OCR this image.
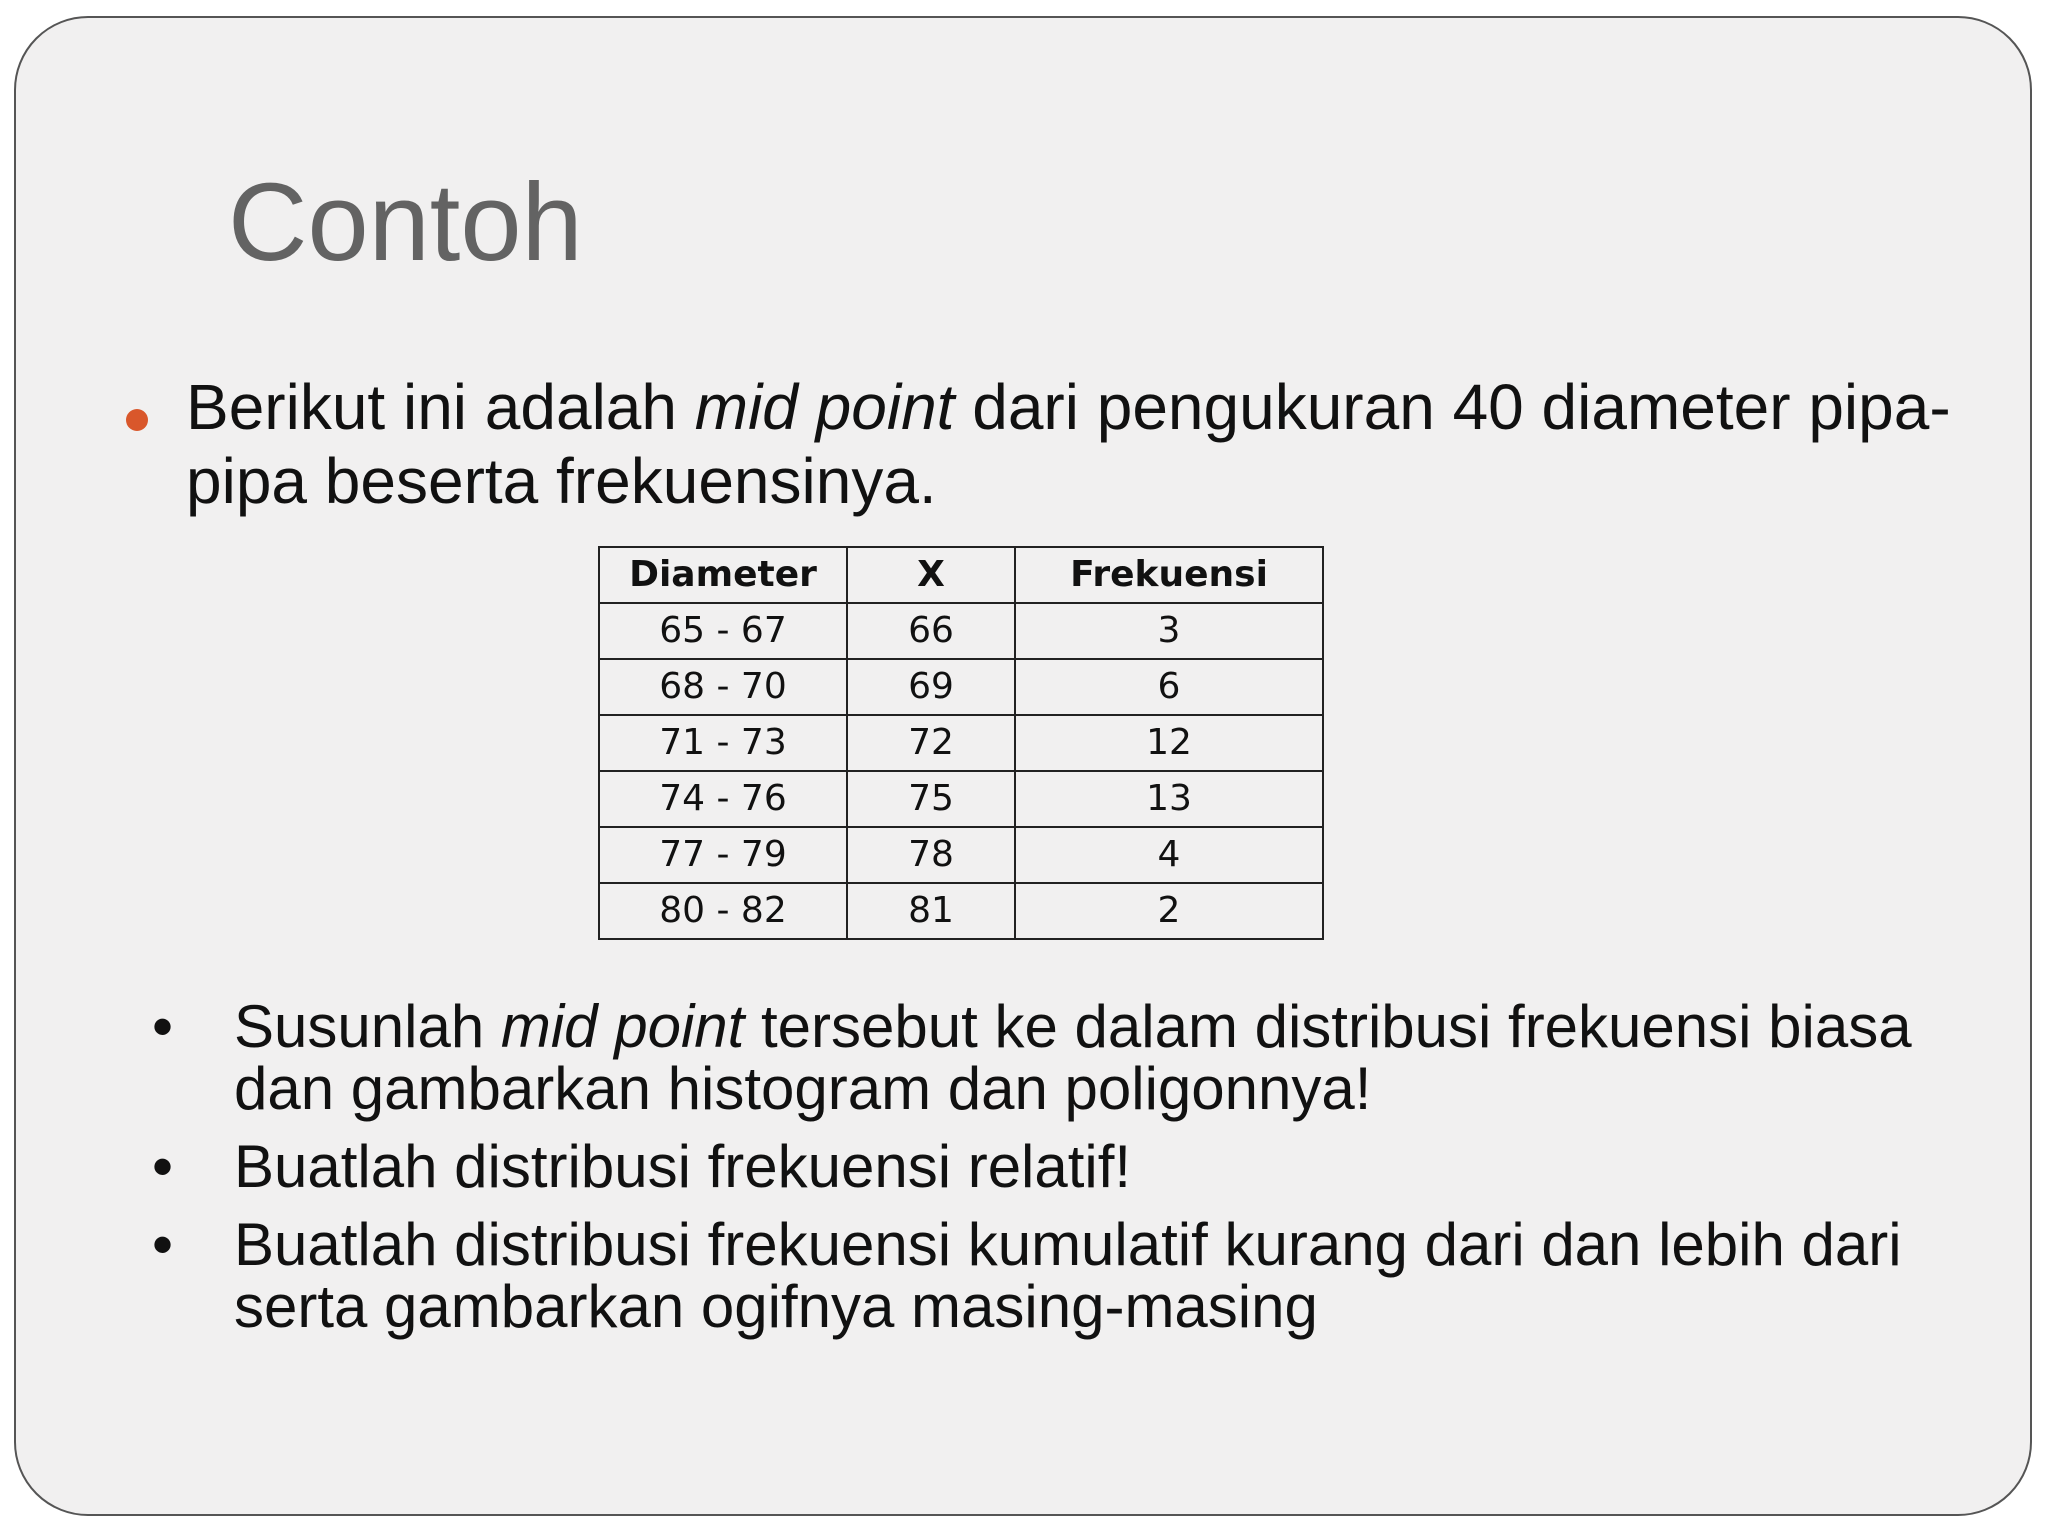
Contoh
Berikut ini adalah mid point dari pengukuran 40 diameter pipa-pipa beserta frekuensinya.
Diameter	X	Frekuensi
65 - 67	66	3
68 - 70	69	6
71 - 73	72	12
74 - 76	75	13
77 - 79	78	4
80 - 82	81	2
• Susunlah mid point tersebut ke dalam distribusi frekuensi biasa dan gambarkan histogram dan poligonnya!
• Buatlah distribusi frekuensi relatif!
• Buatlah distribusi frekuensi kumulatif kurang dari dan lebih dari serta gambarkan ogifnya masing-masing
